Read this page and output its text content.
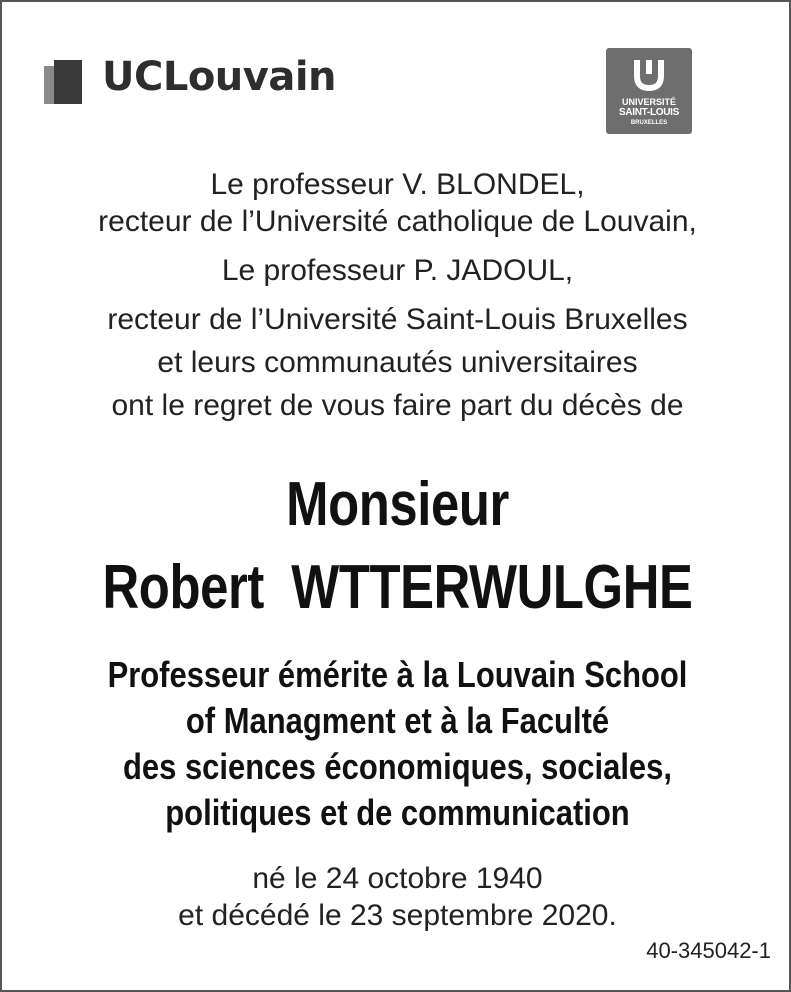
UCLouvain
UNIVERSITÉ
SAINT-LOUIS
BRUXELLES
Le professeur V. BLONDEL,
recteur de l’Université catholique de Louvain,
Le professeur P. JADOUL,
recteur de l’Université Saint-Louis Bruxelles
et leurs communautés universitaires
ont le regret de vous faire part du décès de
Monsieur
Robert  WTTERWULGHE
Professeur émérite à la Louvain School
of Managment et à la Faculté
des sciences économiques, sociales,
politiques et de communication
né le 24 octobre 1940
et décédé le 23 septembre 2020.
40-345042-1
